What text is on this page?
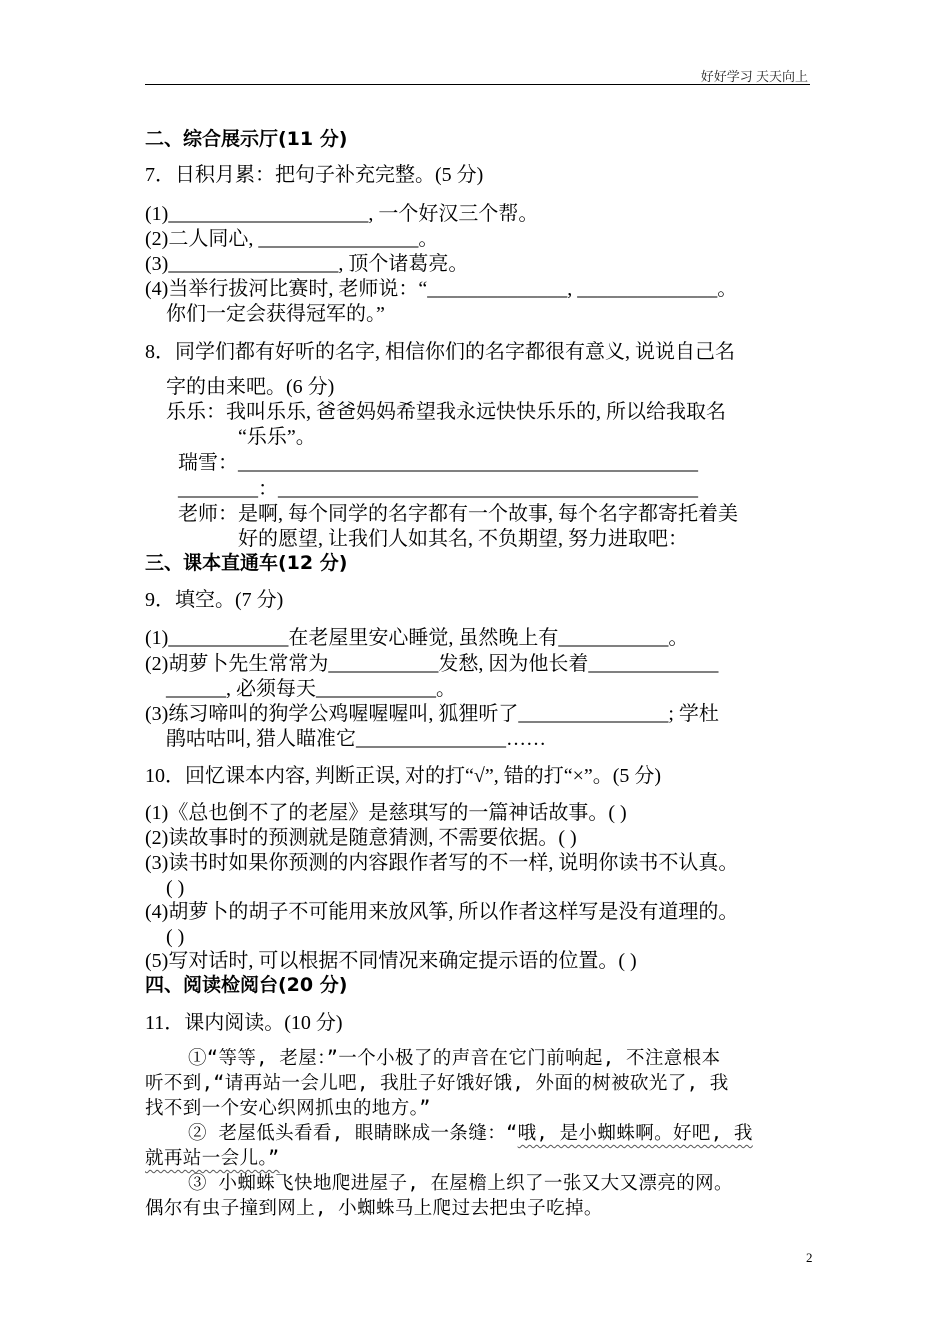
好好学习 天天向上
二、综合展示厅(11 分)
7．日积月累：把句子补充完整。(5 分)
(1)____________________, 一个好汉三个帮。
(2)二人同心, ________________。
(3)_________________, 顶个诸葛亮。
(4)当举行拔河比赛时, 老师说：“______________, ______________。
你们一定会获得冠军的。”
8．同学们都有好听的名字, 相信你们的名字都很有意义, 说说自己名
字的由来吧。(6 分)
乐乐：我叫乐乐, 爸爸妈妈希望我永远快快乐乐的, 所以给我取名
“乐乐”。
瑞雪：______________________________________________
________：__________________________________________
老师：是啊, 每个同学的名字都有一个故事, 每个名字都寄托着美
好的愿望, 让我们人如其名, 不负期望, 努力进取吧：
三、课本直通车(12 分)
9．填空。(7 分)
(1)____________在老屋里安心睡觉, 虽然晚上有___________。
(2)胡萝卜先生常常为___________发愁, 因为他长着_____________
______, 必须每天____________。
(3)练习啼叫的狗学公鸡喔喔喔叫, 狐狸听了_______________; 学杜
鹃咕咕叫, 猎人瞄准它_______________……
10．回忆课本内容, 判断正误, 对的打“√”, 错的打“×”。(5 分)
(1)《总也倒不了的老屋》是慈琪写的一篇神话故事。( )
(2)读故事时的预测就是随意猜测, 不需要依据。( )
(3)读书时如果你预测的内容跟作者写的不一样, 说明你读书不认真。
( )
(4)胡萝卜的胡子不可能用来放风筝, 所以作者这样写是没有道理的。
( )
(5)写对话时, 可以根据不同情况来确定提示语的位置。( )
四、阅读检阅台(20 分)
11．课内阅读。(10 分)
①“等等, 老屋：”一个小极了的声音在它门前响起, 不注意根本
听不到,“请再站一会儿吧, 我肚子好饿好饿, 外面的树被砍光了, 我
找不到一个安心织网抓虫的地方。”
② 老屋低头看看, 眼睛眯成一条缝：“哦, 是小蜘蛛啊。好吧, 我
就再站一会儿。”
③ 小蜘蛛飞快地爬进屋子, 在屋檐上织了一张又大又漂亮的网。
偶尔有虫子撞到网上, 小蜘蛛马上爬过去把虫子吃掉。
2
